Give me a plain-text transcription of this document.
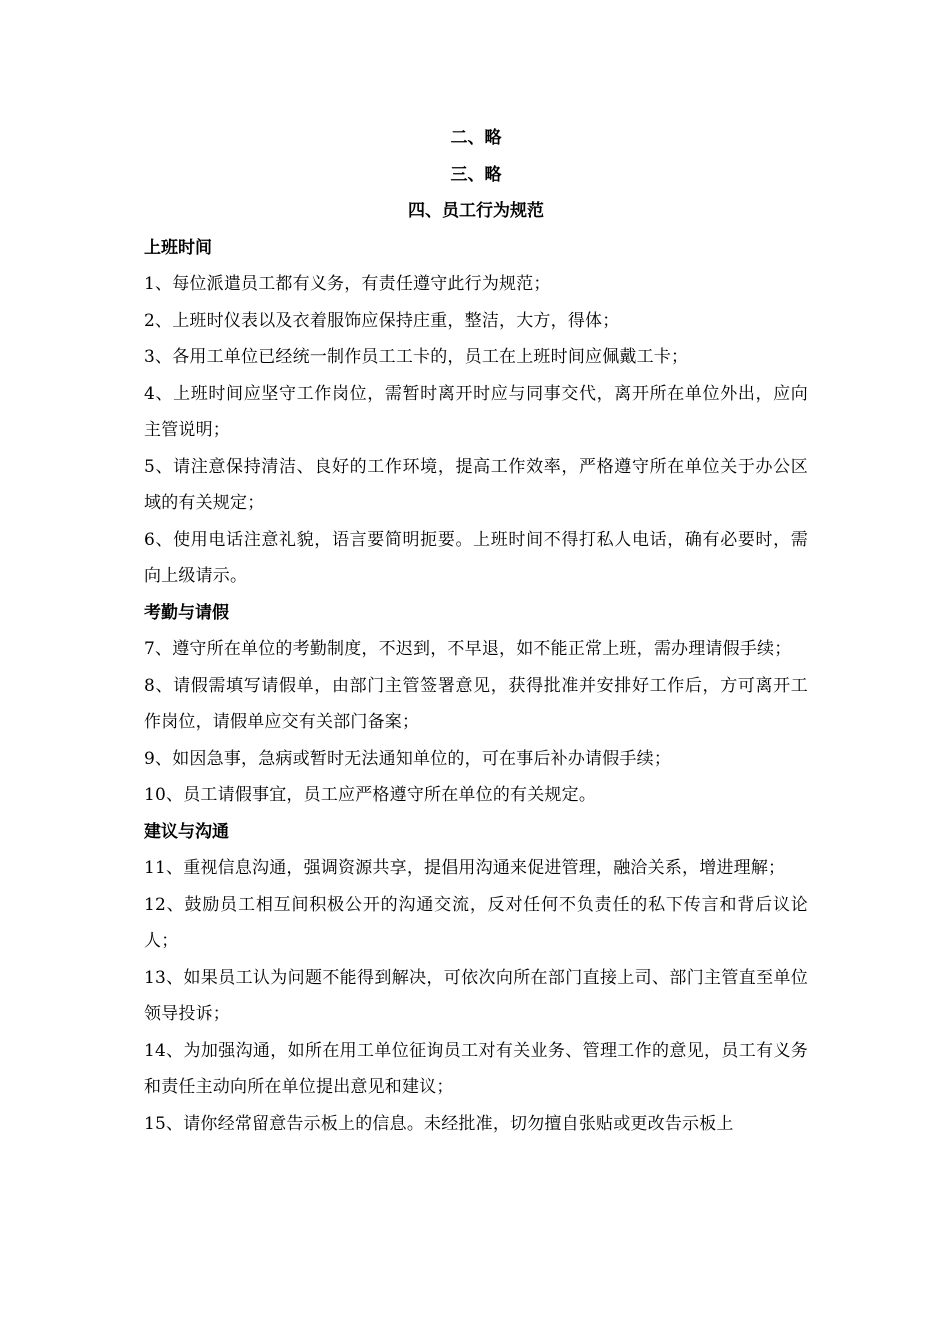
二、略
三、略
四、员工行为规范
上班时间

1、每位派遣员工都有义务，有责任遵守此行为规范；

2、上班时仪表以及衣着服饰应保持庄重，整洁，大方，得体；

3、各用工单位已经统一制作员工工卡的，员工在上班时间应佩戴工卡；

4、上班时间应坚守工作岗位，需暂时离开时应与同事交代，离开所在单位外出，应向主管说明；

5、请注意保持清洁、良好的工作环境，提高工作效率，严格遵守所在单位关于办公区域的有关规定；

6、使用电话注意礼貌，语言要简明扼要。上班时间不得打私人电话，确有必要时，需向上级请示。

考勤与请假

7、遵守所在单位的考勤制度，不迟到，不早退，如不能正常上班，需办理请假手续；

8、请假需填写请假单，由部门主管签署意见，获得批准并安排好工作后，方可离开工作岗位，请假单应交有关部门备案；

9、如因急事，急病或暂时无法通知单位的，可在事后补办请假手续；

10、员工请假事宜，员工应严格遵守所在单位的有关规定。

建议与沟通

11、重视信息沟通，强调资源共享，提倡用沟通来促进管理，融洽关系，增进理解；

12、鼓励员工相互间积极公开的沟通交流，反对任何不负责任的私下传言和背后议论人；

13、如果员工认为问题不能得到解决，可依次向所在部门直接上司、部门主管直至单位领导投诉；

14、为加强沟通，如所在用工单位征询员工对有关业务、管理工作的意见，员工有义务和责任主动向所在单位提出意见和建议；

15、请你经常留意告示板上的信息。未经批准，切勿擅自张贴或更改告示板上
